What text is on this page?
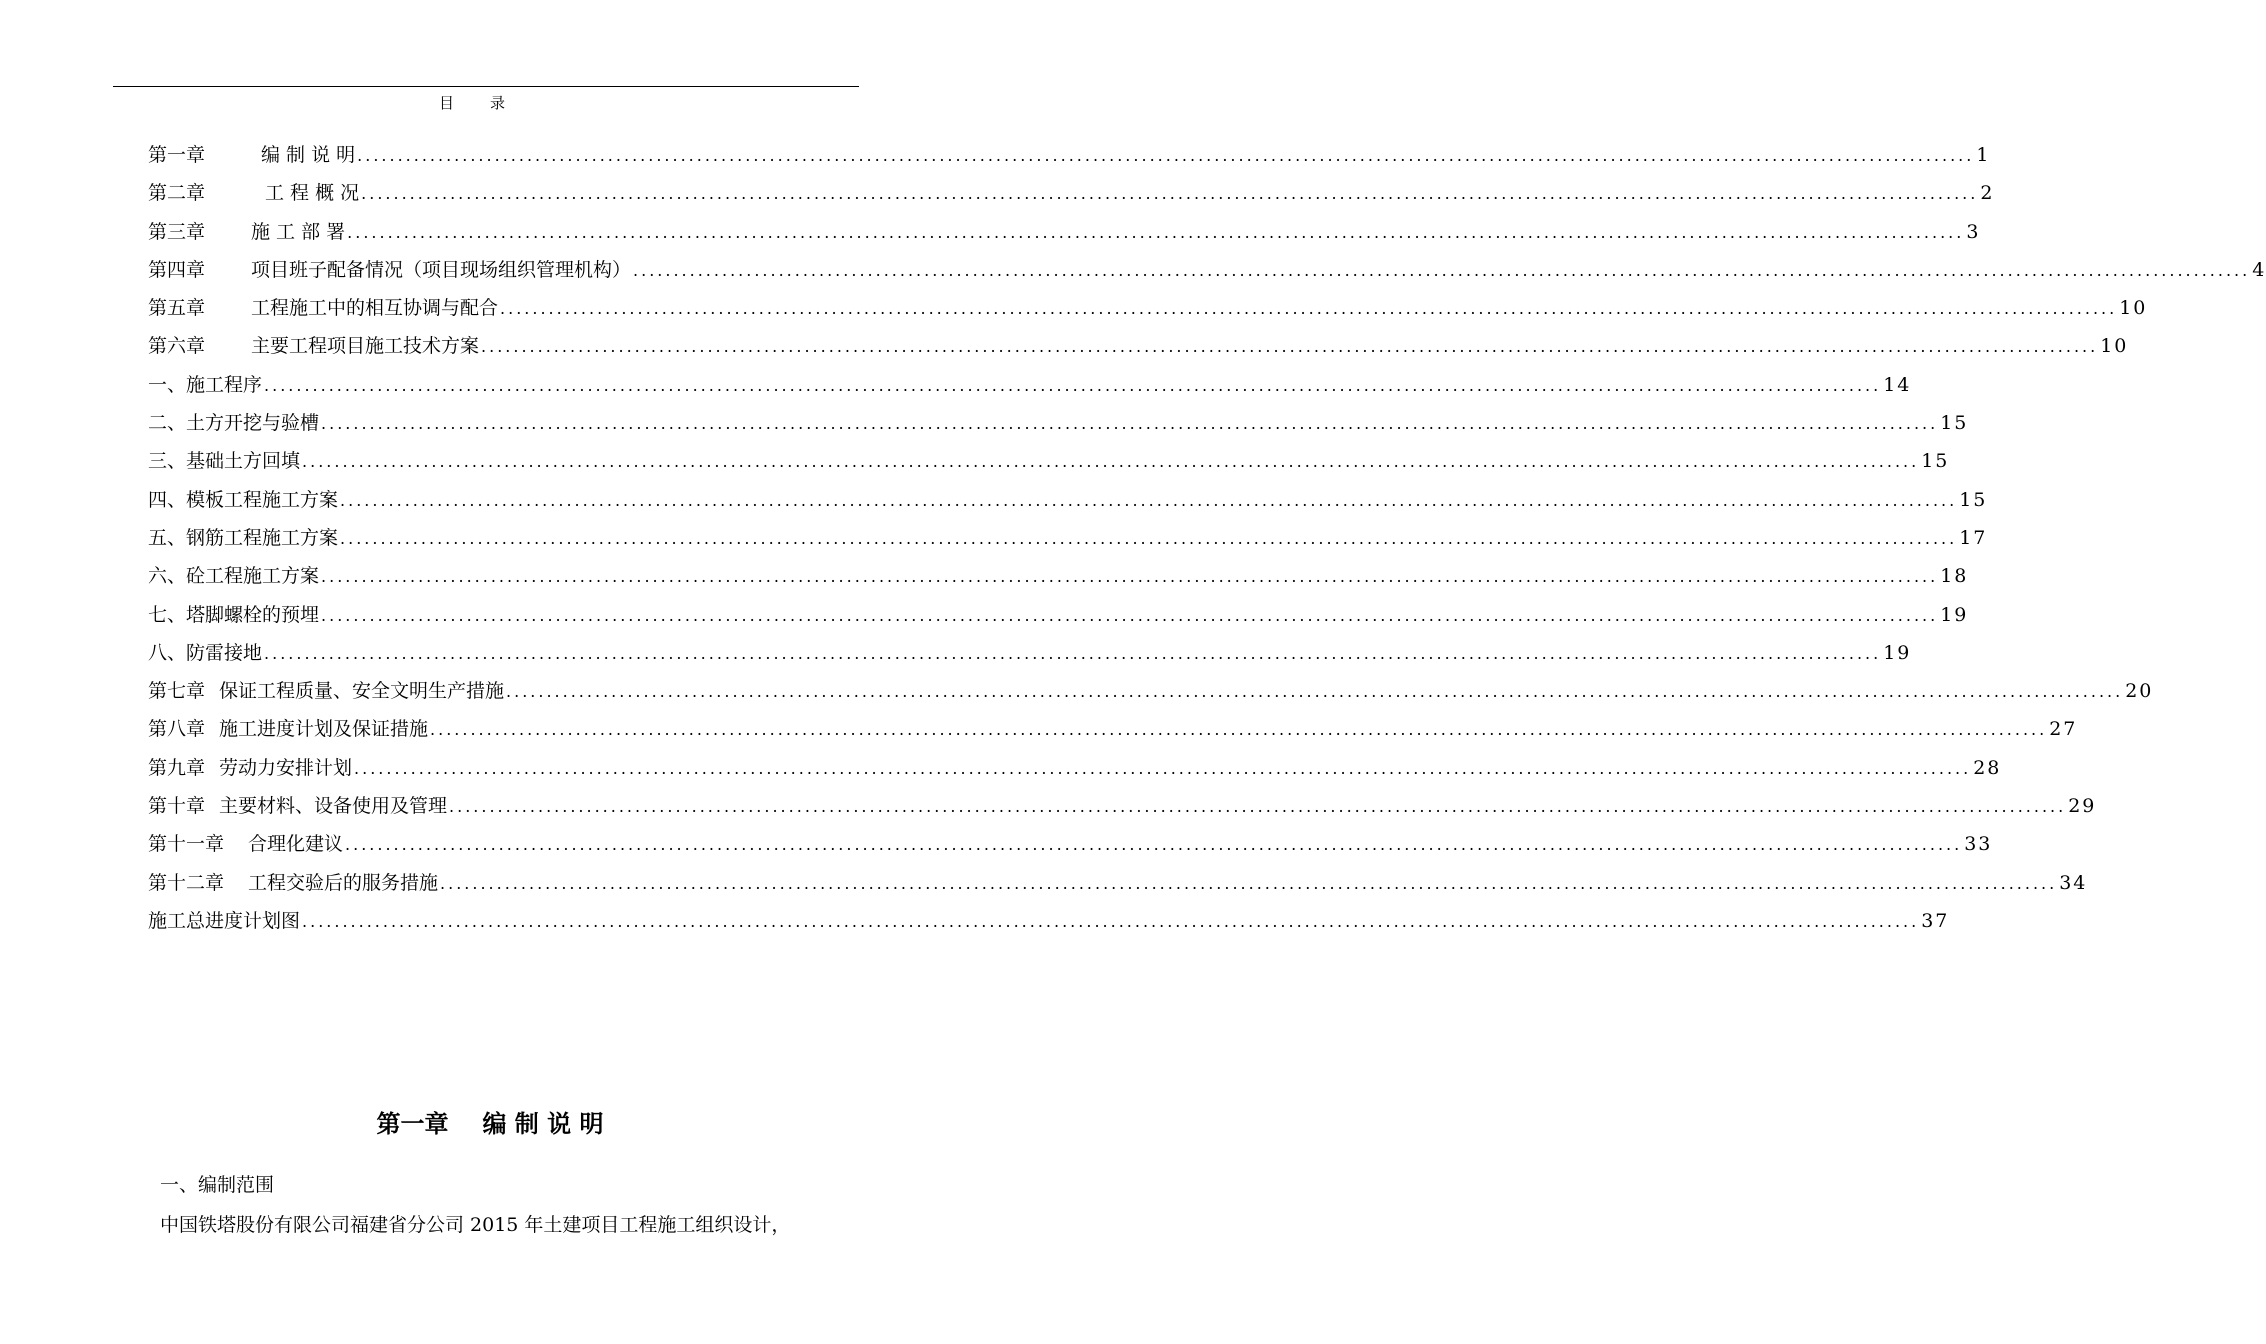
目录
第一章	编 制 说 明 ........................................................................................................................................................................................................ 1
第二章	工 程 概 况 ........................................................................................................................................................................................................ 2
第三章 施 工 部 署 ........................................................................................................................................................................................................ 3
第四章 项目班子配备情况（项目现场组织管理机构） ........................................................................................................................................................................................................ 4
第五章 工程施工中的相互协调与配合 ........................................................................................................................................................................................................ 10
第六章 主要工程项目施工技术方案 ........................................................................................................................................................................................................ 10
一、 施工程序 ........................................................................................................................................................................................................ 14
二、 土方开挖与验槽 ........................................................................................................................................................................................................ 15
三、 基础土方回填 ........................................................................................................................................................................................................ 15
四、 模板工程施工方案 ........................................................................................................................................................................................................ 15
五、 钢筋工程施工方案 ........................................................................................................................................................................................................ 17
六、 砼工程施工方案 ........................................................................................................................................................................................................ 18
七、 塔脚螺栓的预埋 ........................................................................................................................................................................................................ 19
八、 防雷接地 ........................................................................................................................................................................................................ 19
第七章 保证工程质量、安全文明生产措施 ........................................................................................................................................................................................................ 20
第八章 施工进度计划及保证措施 ........................................................................................................................................................................................................ 27
第九章 劳动力安排计划 ........................................................................................................................................................................................................ 28
第十章 主要材料、设备使用及管理 ........................................................................................................................................................................................................ 29
第十一章 合理化建议 ........................................................................................................................................................................................................ 33
第十二章 工程交验后的服务措施 ........................................................................................................................................................................................................ 34
施工总进度计划图 ........................................................................................................................................................................................................ 37
第一章 编 制 说 明
一、编制范围
中国铁塔股份有限公司福建省分公司 2015 年土建项目工程施工组织设计，
